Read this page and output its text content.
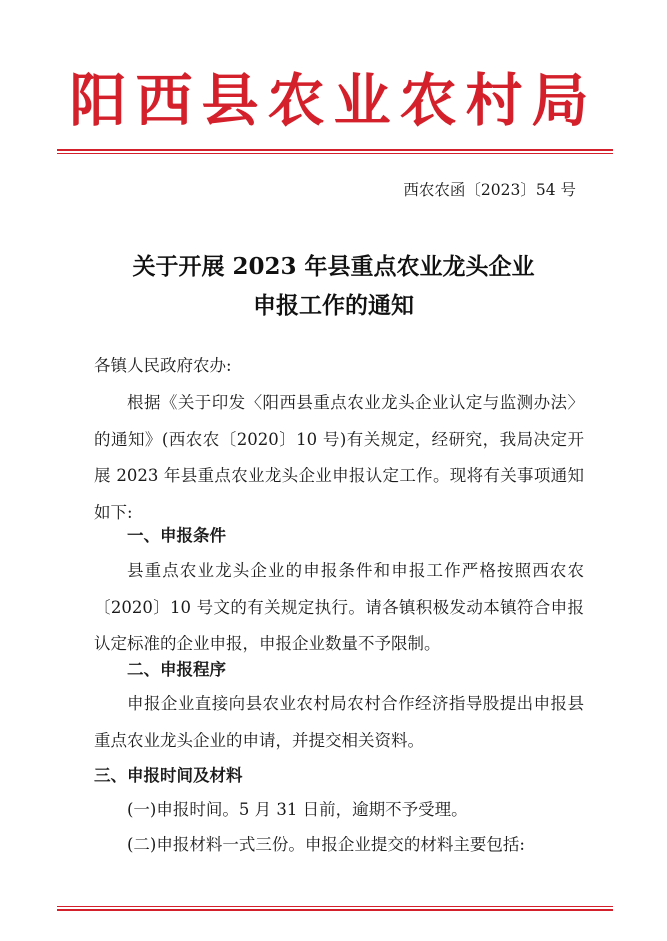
阳西县农业农村局
西农农函〔2023〕54 号
关于开展 2023 年县重点农业龙头企业
申报工作的通知
各镇人民政府农办:
根据《关于印发〈阳西县重点农业龙头企业认定与监测办法〉的通知》(西农农〔2020〕10 号)有关规定，经研究，我局决定开展 2023 年县重点农业龙头企业申报认定工作。现将有关事项通知如下:
一、申报条件
县重点农业龙头企业的申报条件和申报工作严格按照西农农〔2020〕10 号文的有关规定执行。请各镇积极发动本镇符合申报认定标准的企业申报，申报企业数量不予限制。
二、申报程序
申报企业直接向县农业农村局农村合作经济指导股提出申报县重点农业龙头企业的申请，并提交相关资料。
三、申报时间及材料
(一)申报时间。5 月 31 日前，逾期不予受理。
(二)申报材料一式三份。申报企业提交的材料主要包括:
